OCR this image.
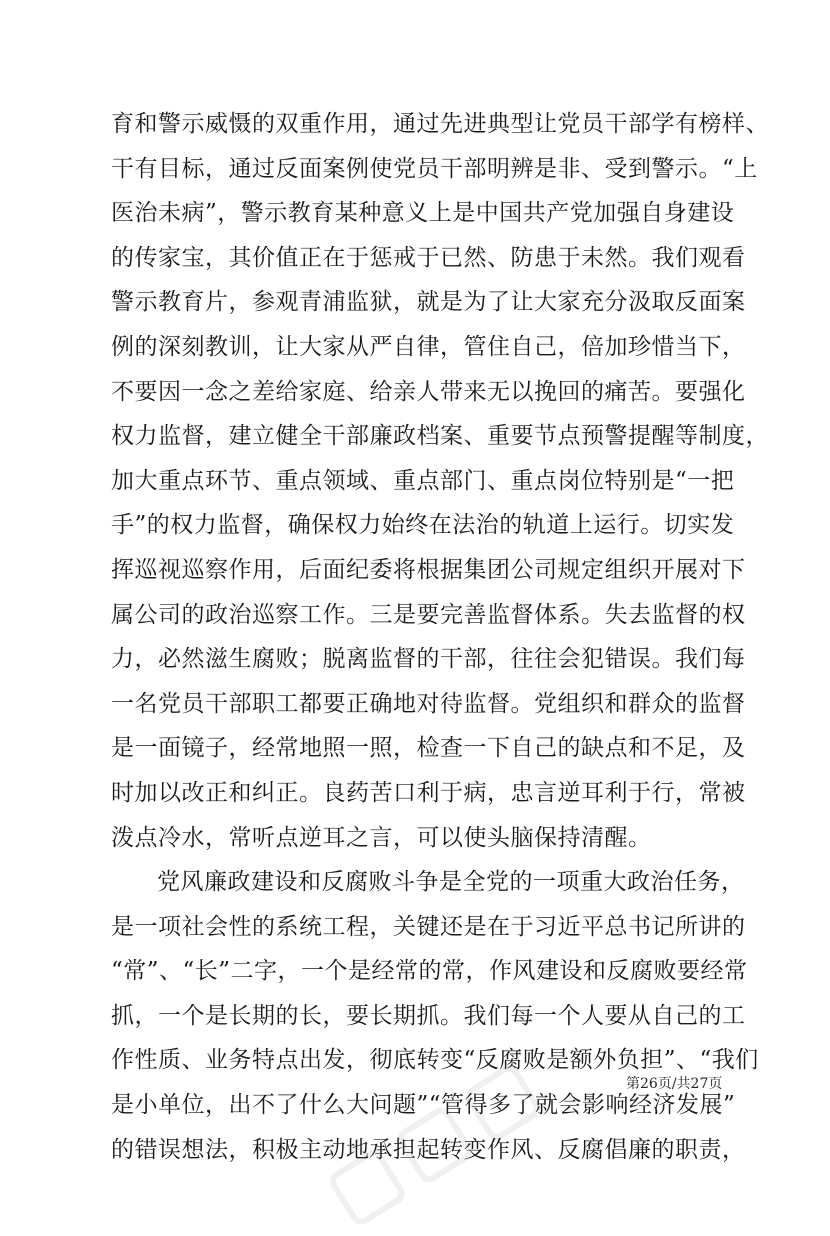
育和警示威慑的双重作用，通过先进典型让党员干部学有榜样、
干有目标，通过反面案例使党员干部明辨是非、受到警示。“上
医治未病”，警示教育某种意义上是中国共产党加强自身建设
的传家宝，其价值正在于惩戒于已然、防患于未然。我们观看
警示教育片，参观青浦监狱，就是为了让大家充分汲取反面案
例的深刻教训，让大家从严自律，管住自己，倍加珍惜当下，
不要因一念之差给家庭、给亲人带来无以挽回的痛苦。要强化
权力监督，建立健全干部廉政档案、重要节点预警提醒等制度，
加大重点环节、重点领域、重点部门、重点岗位特别是“一把
手”的权力监督，确保权力始终在法治的轨道上运行。切实发
挥巡视巡察作用，后面纪委将根据集团公司规定组织开展对下
属公司的政治巡察工作。三是要完善监督体系。失去监督的权
力，必然滋生腐败；脱离监督的干部，往往会犯错误。我们每
一名党员干部职工都要正确地对待监督。党组织和群众的监督
是一面镜子，经常地照一照，检查一下自己的缺点和不足，及
时加以改正和纠正。良药苦口利于病，忠言逆耳利于行，常被
泼点冷水，常听点逆耳之言，可以使头脑保持清醒。
党风廉政建设和反腐败斗争是全党的一项重大政治任务，
是一项社会性的系统工程，关键还是在于习近平总书记所讲的
“常”、“长”二字，一个是经常的常，作风建设和反腐败要经常
抓，一个是长期的长，要长期抓。我们每一个人要从自己的工
作性质、业务特点出发，彻底转变“反腐败是额外负担”、“我们
是小单位，出不了什么大问题”“管得多了就会影响经济发展”
的错误想法，积极主动地承担起转变作风、反腐倡廉的职责，
第26页/共27页
